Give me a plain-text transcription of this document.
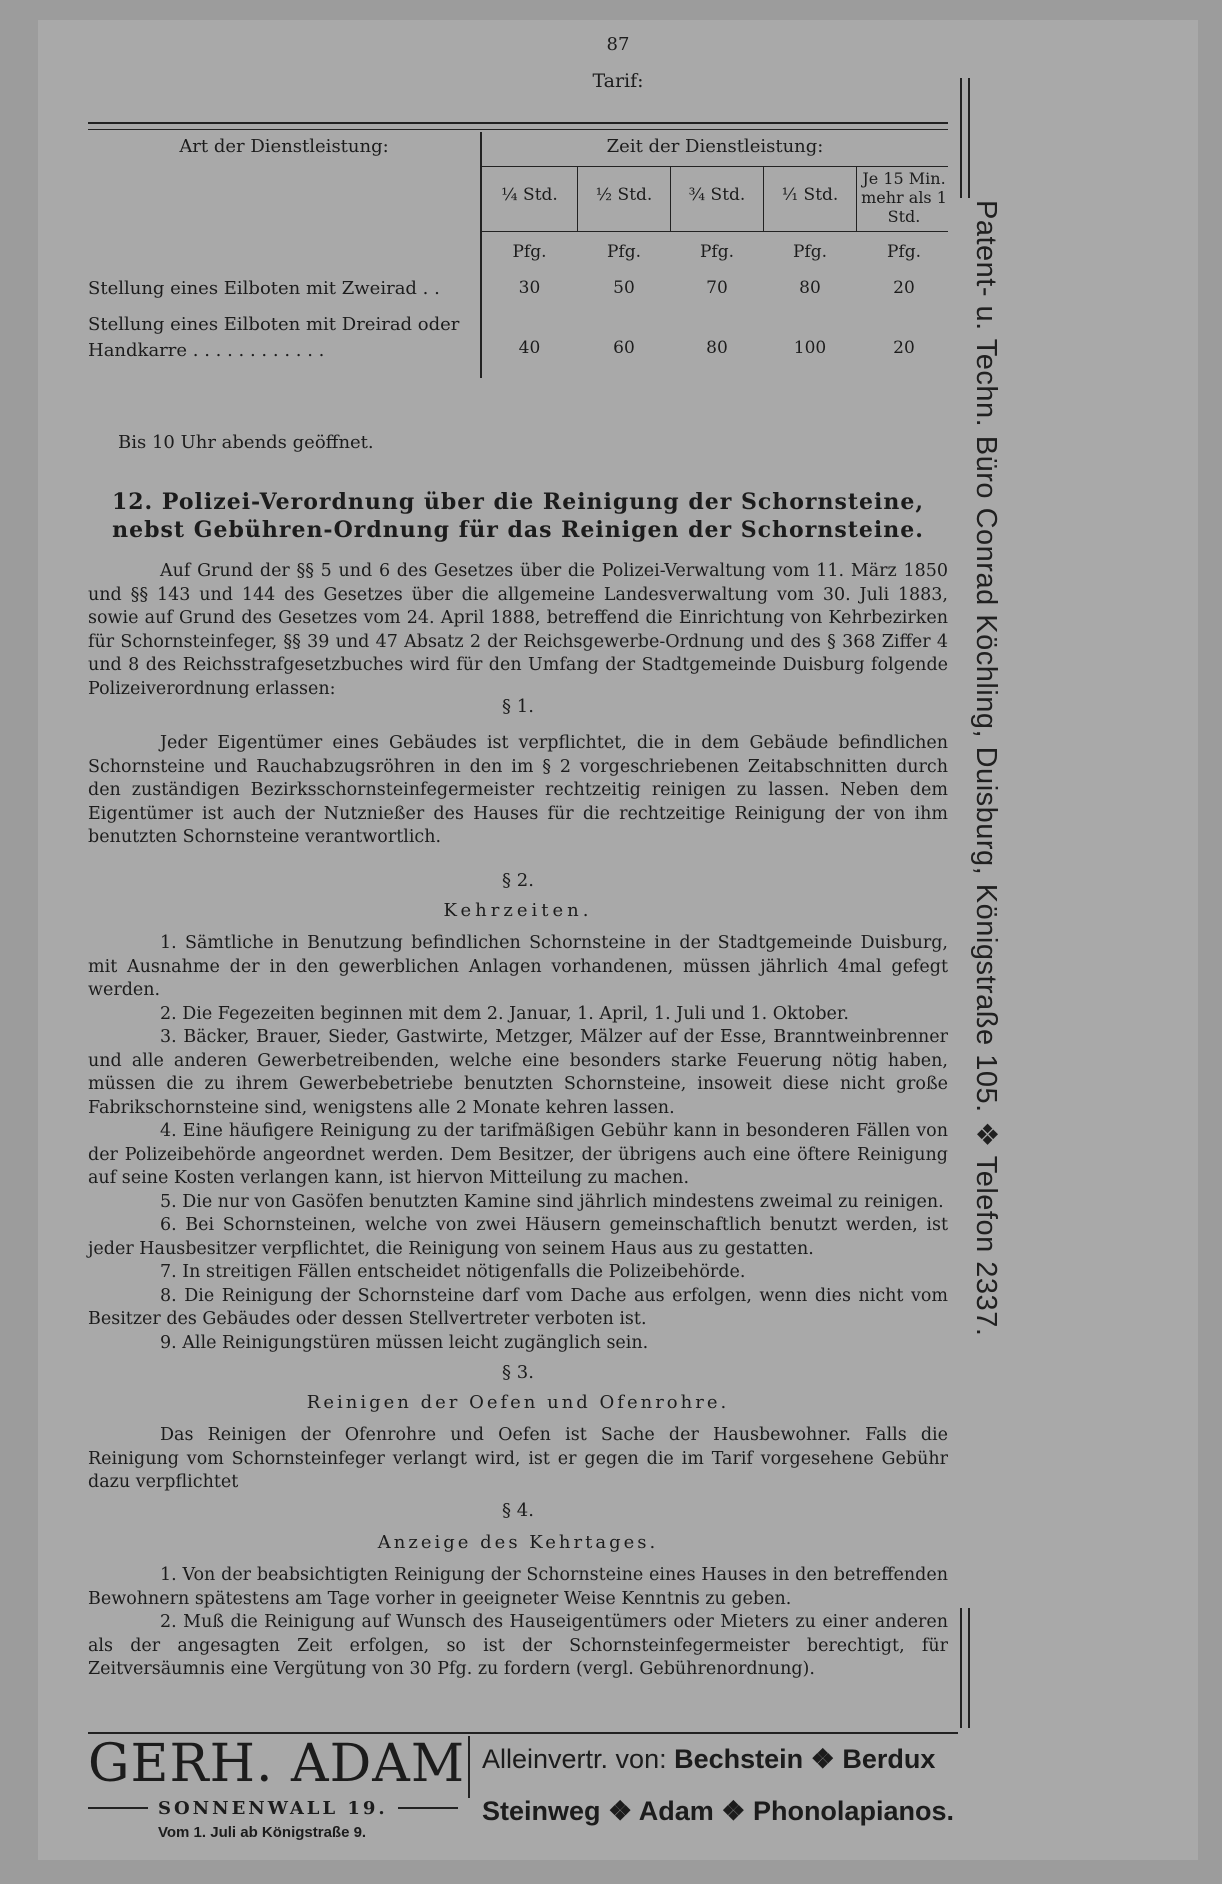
87
Tarif:
Art der Dienstleistung:	Zeit der Dienstleistung:
¼ Std.	½ Std.	¾ Std.	¹⁄₁ Std.
Je 15 Min. mehr als 1 Std.
Pfg.	Pfg.	Pfg.	Pfg.	Pfg.
Stellung eines Eilboten mit Zweirad . .	30	50	70	80	20
Stellung eines Eilboten mit Dreirad oder Handkarre . . . . . . . . . . . .	40	60	80	100	20
Bis 10 Uhr abends geöffnet.
12. Polizei-Verordnung über die Reinigung der Schornsteine,
nebst Gebühren-Ordnung für das Reinigen der Schornsteine.
Auf Grund der §§ 5 und 6 des Gesetzes über die Polizei-Verwaltung vom 11. März 1850 und §§ 143 und 144 des Gesetzes über die allgemeine Landesverwaltung vom 30. Juli 1883, sowie auf Grund des Gesetzes vom 24. April 1888, betreffend die Einrichtung von Kehrbezirken für Schornsteinfeger, §§ 39 und 47 Absatz 2 der Reichsgewerbe-Ordnung und des § 368 Ziffer 4 und 8 des Reichsstrafgesetzbuches wird für den Umfang der Stadtgemeinde Duisburg folgende Polizeiverordnung erlassen:
§ 1.
Jeder Eigentümer eines Gebäudes ist verpflichtet, die in dem Gebäude befindlichen Schornsteine und Rauchabzugsröhren in den im § 2 vorgeschriebenen Zeitabschnitten durch den zuständigen Bezirksschornsteinfegermeister rechtzeitig reinigen zu lassen. Neben dem Eigentümer ist auch der Nutznießer des Hauses für die rechtzeitige Reinigung der von ihm benutzten Schornsteine verantwortlich.
§ 2.
Kehrzeiten.
1. Sämtliche in Benutzung befindlichen Schornsteine in der Stadtgemeinde Duisburg, mit Ausnahme der in den gewerblichen Anlagen vorhandenen, müssen jährlich 4mal gefegt werden.
2. Die Fegezeiten beginnen mit dem 2. Januar, 1. April, 1. Juli und 1. Oktober.
3. Bäcker, Brauer, Sieder, Gastwirte, Metzger, Mälzer auf der Esse, Branntweinbrenner und alle anderen Gewerbetreibenden, welche eine besonders starke Feuerung nötig haben, müssen die zu ihrem Gewerbebetriebe benutzten Schornsteine, insoweit diese nicht große Fabrikschornsteine sind, wenigstens alle 2 Monate kehren lassen.
4. Eine häufigere Reinigung zu der tarifmäßigen Gebühr kann in besonderen Fällen von der Polizeibehörde angeordnet werden. Dem Besitzer, der übrigens auch eine öftere Reinigung auf seine Kosten verlangen kann, ist hiervon Mitteilung zu machen.
5. Die nur von Gasöfen benutzten Kamine sind jährlich mindestens zweimal zu reinigen.
6. Bei Schornsteinen, welche von zwei Häusern gemeinschaftlich benutzt werden, ist jeder Hausbesitzer verpflichtet, die Reinigung von seinem Haus aus zu gestatten.
7. In streitigen Fällen entscheidet nötigenfalls die Polizeibehörde.
8. Die Reinigung der Schornsteine darf vom Dache aus erfolgen, wenn dies nicht vom Besitzer des Gebäudes oder dessen Stellvertreter verboten ist.
9. Alle Reinigungstüren müssen leicht zugänglich sein.
§ 3.
Reinigen der Oefen und Ofenrohre.
Das Reinigen der Ofenrohre und Oefen ist Sache der Hausbewohner. Falls die Reinigung vom Schornsteinfeger verlangt wird, ist er gegen die im Tarif vorgesehene Gebühr dazu verpflichtet
§ 4.
Anzeige des Kehrtages.
1. Von der beabsichtigten Reinigung der Schornsteine eines Hauses in den betreffenden Bewohnern spätestens am Tage vorher in geeigneter Weise Kenntnis zu geben.
2. Muß die Reinigung auf Wunsch des Hauseigentümers oder Mieters zu einer anderen als der angesagten Zeit erfolgen, so ist der Schornsteinfegermeister berechtigt, für Zeitversäumnis eine Vergütung von 30 Pfg. zu fordern (vergl. Gebührenordnung).
GERH. ADAM
SONNENWALL 19.
Vom 1. Juli ab Königstraße 9.
Alleinvertr. von: Bechstein ❖ Berdux
Steinweg ❖ Adam ❖ Phonolapianos.
Patent- u. Techn. Büro Conrad Köchling, Duisburg, Königstraße 105. ❖ Telefon 2337.
